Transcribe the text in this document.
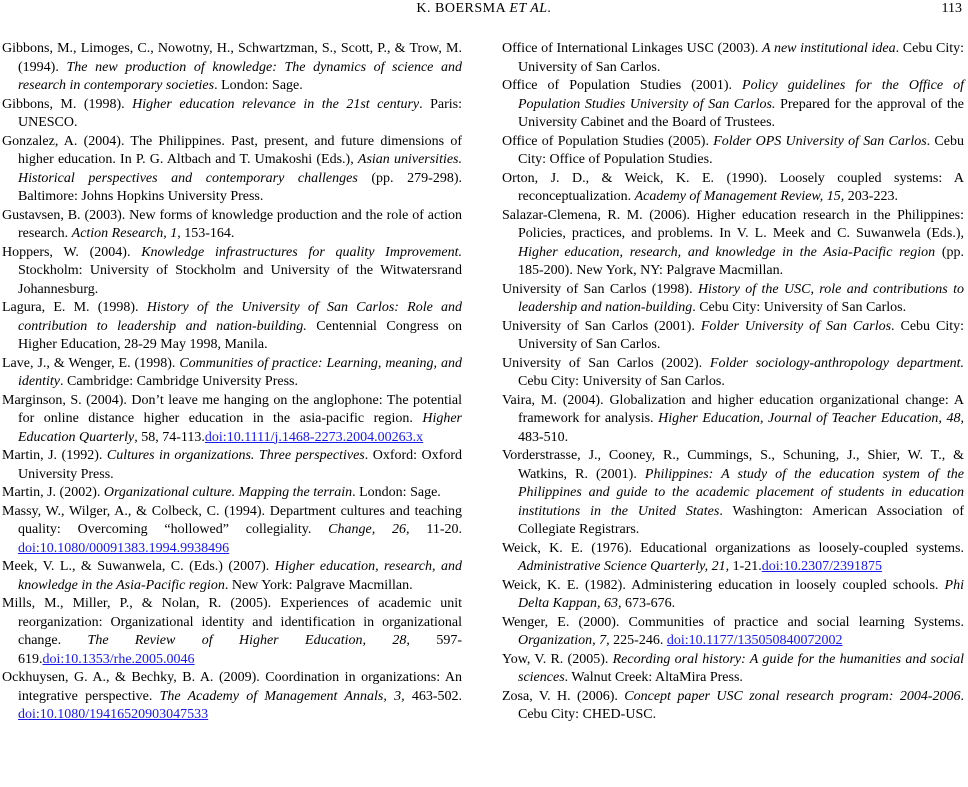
K. BOERSMA ET AL.	113

Gibbons, M., Limoges, C., Nowotny, H., Schwartzman, S., Scott, P., & Trow, M. (1994). The new production of knowledge: The dynamics of science and research in contemporary societies. London: Sage.

Gibbons, M. (1998). Higher education relevance in the 21st century. Paris: UNESCO.

Gonzalez, A. (2004). The Philippines. Past, present, and future dimensions of higher education. In P. G. Altbach and T. Umakoshi (Eds.), Asian universities. Historical perspectives and contemporary challenges (pp. 279-298). Baltimore: Johns Hopkins University Press.

Gustavsen, B. (2003). New forms of knowledge production and the role of action research. Action Research, 1, 153-164.

Hoppers, W. (2004). Knowledge infrastructures for quality Improvement. Stockholm: University of Stockholm and University of the Witwatersrand Johannesburg.

Lagura, E. M. (1998). History of the University of San Carlos: Role and contribution to leadership and nation-building. Centennial Congress on Higher Education, 28-29 May 1998, Manila.

Lave, J., & Wenger, E. (1998). Communities of practice: Learning, meaning, and identity. Cambridge: Cambridge University Press.

Marginson, S. (2004). Don’t leave me hanging on the anglophone: The potential for online distance higher education in the asia-pacific region. Higher Education Quarterly, 58, 74-113.doi:10.1111/j.1468-2273.2004.00263.x

Martin, J. (1992). Cultures in organizations. Three perspectives. Oxford: Oxford University Press.

Martin, J. (2002). Organizational culture. Mapping the terrain. London: Sage.

Massy, W., Wilger, A., & Colbeck, C. (1994). Department cultures and teaching quality: Overcoming “hollowed” collegiality. Change, 26, 11-20. doi:10.1080/00091383.1994.9938496

Meek, V. L., & Suwanwela, C. (Eds.) (2007). Higher education, research, and knowledge in the Asia-Pacific region. New York: Palgrave Macmillan.

Mills, M., Miller, P., & Nolan, R. (2005). Experiences of academic unit reorganization: Organizational identity and identification in organizational change. The Review of Higher Education, 28, 597-619.doi:10.1353/rhe.2005.0046

Ockhuysen, G. A., & Bechky, B. A. (2009). Coordination in organizations: An integrative perspective. The Academy of Management Annals, 3, 463-502. doi:10.1080/19416520903047533

Office of International Linkages USC (2003). A new institutional idea. Cebu City: University of San Carlos.

Office of Population Studies (2001). Policy guidelines for the Office of Population Studies University of San Carlos. Prepared for the approval of the University Cabinet and the Board of Trustees.

Office of Population Studies (2005). Folder OPS University of San Carlos. Cebu City: Office of Population Studies.

Orton, J. D., & Weick, K. E. (1990). Loosely coupled systems: A reconceptualization. Academy of Management Review, 15, 203-223.

Salazar-Clemena, R. M. (2006). Higher education research in the Philippines: Policies, practices, and problems. In V. L. Meek and C. Suwanwela (Eds.), Higher education, research, and knowledge in the Asia-Pacific region (pp. 185-200). New York, NY: Palgrave Macmillan.

University of San Carlos (1998). History of the USC, role and contributions to leadership and nation-building. Cebu City: University of San Carlos.

University of San Carlos (2001). Folder University of San Carlos. Cebu City: University of San Carlos.

University of San Carlos (2002). Folder sociology-anthropology department. Cebu City: University of San Carlos.

Vaira, M. (2004). Globalization and higher education organizational change: A framework for analysis. Higher Education, Journal of Teacher Education, 48, 483-510.

Vorderstrasse, J., Cooney, R., Cummings, S., Schuning, J., Shier, W. T., & Watkins, R. (2001). Philippines: A study of the education system of the Philippines and guide to the academic placement of students in education institutions in the United States. Washington: American Association of Collegiate Registrars.

Weick, K. E. (1976). Educational organizations as loosely-coupled systems. Administrative Science Quarterly, 21, 1-21.doi:10.2307/2391875

Weick, K. E. (1982). Administering education in loosely coupled schools. Phi Delta Kappan, 63, 673-676.

Wenger, E. (2000). Communities of practice and social learning Systems. Organization, 7, 225-246. doi:10.1177/135050840072002

Yow, V. R. (2005). Recording oral history: A guide for the humanities and social sciences. Walnut Creek: AltaMira Press.

Zosa, V. H. (2006). Concept paper USC zonal research program: 2004-2006. Cebu City: CHED-USC.
